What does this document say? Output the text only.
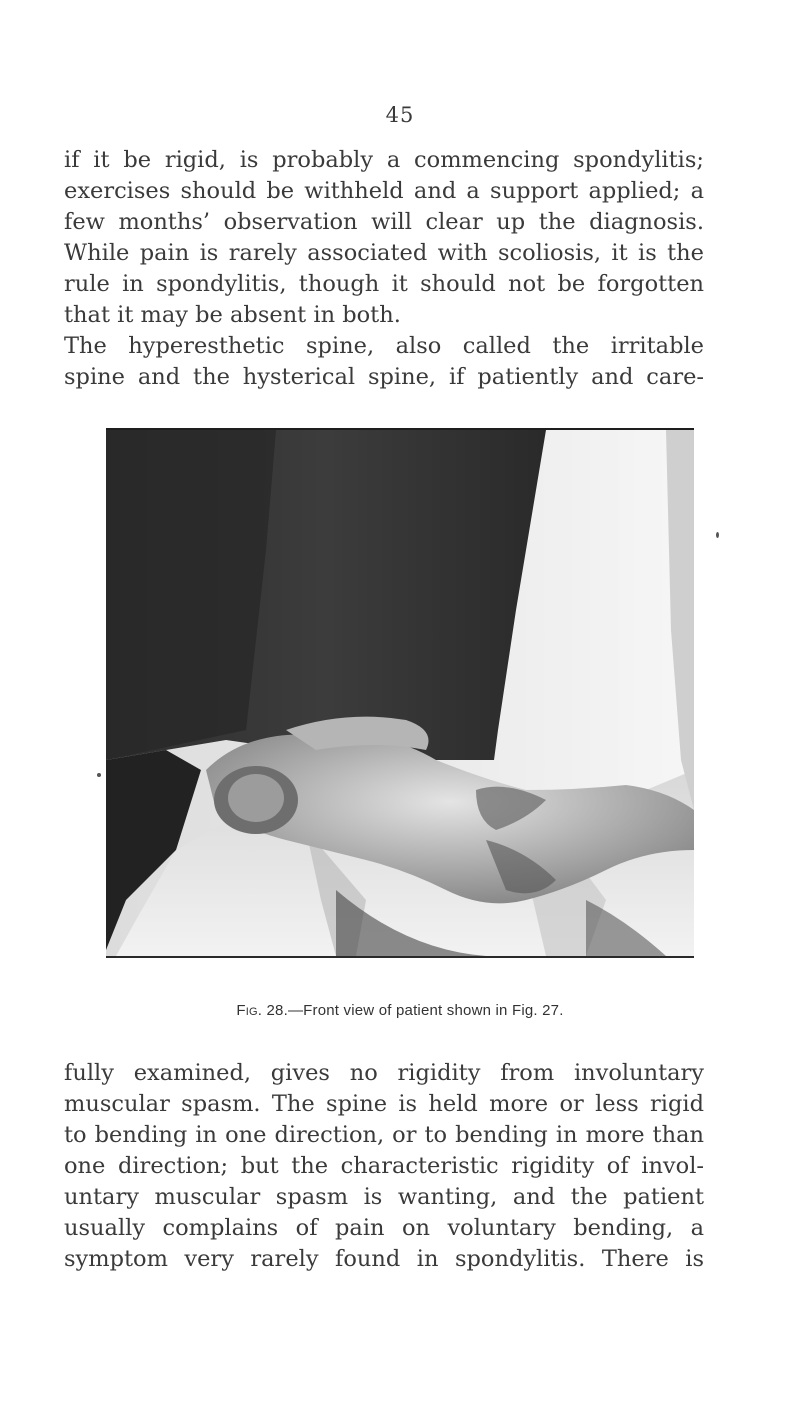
45
if it be rigid, is probably a commencing spondylitis;
exercises should be withheld and a support applied; a
few months’ observation will clear up the diagnosis.
While pain is rarely associated with scoliosis, it is the
rule in spondylitis, though it should not be forgotten
that it may be absent in both.
The hyperesthetic spine, also called the irritable
spine and the hysterical spine, if patiently and care-
Fig. 28.—Front view of patient shown in Fig. 27.
fully examined, gives no rigidity from involuntary
muscular spasm. The spine is held more or less rigid
to bending in one direction, or to bending in more than
one direction; but the characteristic rigidity of invol-
untary muscular spasm is wanting, and the patient
usually complains of pain on voluntary bending, a
symptom very rarely found in spondylitis. There is
